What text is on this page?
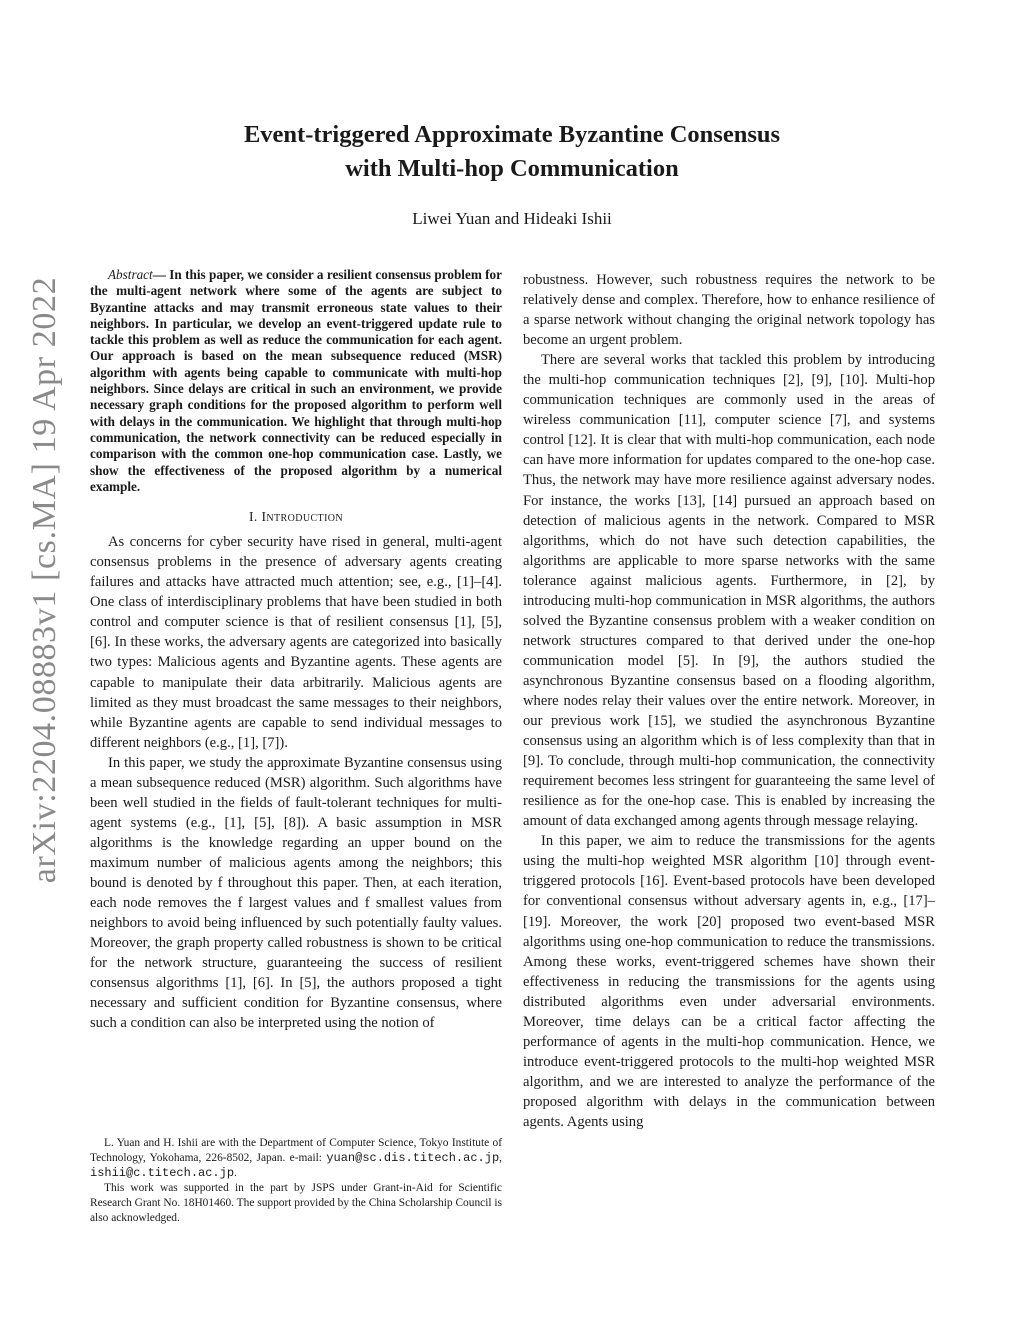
arXiv:2204.08883v1 [cs.MA] 19 Apr 2022
Event-triggered Approximate Byzantine Consensus
with Multi-hop Communication
Liwei Yuan and Hideaki Ishii

Abstract— In this paper, we consider a resilient consensus problem for the multi-agent network where some of the agents are subject to Byzantine attacks and may transmit erroneous state values to their neighbors. In particular, we develop an event-triggered update rule to tackle this problem as well as reduce the communication for each agent. Our approach is based on the mean subsequence reduced (MSR) algorithm with agents being capable to communicate with multi-hop neighbors. Since delays are critical in such an environment, we provide necessary graph conditions for the proposed algorithm to perform well with delays in the communication. We highlight that through multi-hop communication, the network connectivity can be reduced especially in comparison with the common one-hop communication case. Lastly, we show the effectiveness of the proposed algorithm by a numerical example.

I. Introduction

As concerns for cyber security have rised in general, multi-agent consensus problems in the presence of adversary agents creating failures and attacks have attracted much attention; see, e.g., [1]–[4]. One class of interdisciplinary problems that have been studied in both control and computer science is that of resilient consensus [1], [5], [6]. In these works, the adversary agents are categorized into basically two types: Malicious agents and Byzantine agents. These agents are capable to manipulate their data arbitrarily. Malicious agents are limited as they must broadcast the same messages to their neighbors, while Byzantine agents are capable to send individual messages to different neighbors (e.g., [1], [7]).

In this paper, we study the approximate Byzantine consensus using a mean subsequence reduced (MSR) algorithm. Such algorithms have been well studied in the fields of fault-tolerant techniques for multi-agent systems (e.g., [1], [5], [8]). A basic assumption in MSR algorithms is the knowledge regarding an upper bound on the maximum number of malicious agents among the neighbors; this bound is denoted by f throughout this paper. Then, at each iteration, each node removes the f largest values and f smallest values from neighbors to avoid being influenced by such potentially faulty values. Moreover, the graph property called robustness is shown to be critical for the network structure, guaranteeing the success of resilient consensus algorithms [1], [6]. In [5], the authors proposed a tight necessary and sufficient condition for Byzantine consensus, where such a condition can also be interpreted using the notion of

L. Yuan and H. Ishii are with the Department of Computer Science, Tokyo Institute of Technology, Yokohama, 226-8502, Japan. e-mail: yuan@sc.dis.titech.ac.jp, ishii@c.titech.ac.jp.

This work was supported in the part by JSPS under Grant-in-Aid for Scientific Research Grant No. 18H01460. The support provided by the China Scholarship Council is also acknowledged.

robustness. However, such robustness requires the network to be relatively dense and complex. Therefore, how to enhance resilience of a sparse network without changing the original network topology has become an urgent problem.

There are several works that tackled this problem by introducing the multi-hop communication techniques [2], [9], [10]. Multi-hop communication techniques are commonly used in the areas of wireless communication [11], computer science [7], and systems control [12]. It is clear that with multi-hop communication, each node can have more information for updates compared to the one-hop case. Thus, the network may have more resilience against adversary nodes. For instance, the works [13], [14] pursued an approach based on detection of malicious agents in the network. Compared to MSR algorithms, which do not have such detection capabilities, the algorithms are applicable to more sparse networks with the same tolerance against malicious agents. Furthermore, in [2], by introducing multi-hop communication in MSR algorithms, the authors solved the Byzantine consensus problem with a weaker condition on network structures compared to that derived under the one-hop communication model [5]. In [9], the authors studied the asynchronous Byzantine consensus based on a flooding algorithm, where nodes relay their values over the entire network. Moreover, in our previous work [15], we studied the asynchronous Byzantine consensus using an algorithm which is of less complexity than that in [9]. To conclude, through multi-hop communication, the connectivity requirement becomes less stringent for guaranteeing the same level of resilience as for the one-hop case. This is enabled by increasing the amount of data exchanged among agents through message relaying.

In this paper, we aim to reduce the transmissions for the agents using the multi-hop weighted MSR algorithm [10] through event-triggered protocols [16]. Event-based protocols have been developed for conventional consensus without adversary agents in, e.g., [17]–[19]. Moreover, the work [20] proposed two event-based MSR algorithms using one-hop communication to reduce the transmissions. Among these works, event-triggered schemes have shown their effectiveness in reducing the transmissions for the agents using distributed algorithms even under adversarial environments. Moreover, time delays can be a critical factor affecting the performance of agents in the multi-hop communication. Hence, we introduce event-triggered protocols to the multi-hop weighted MSR algorithm, and we are interested to analyze the performance of the proposed algorithm with delays in the communication between agents. Agents using
